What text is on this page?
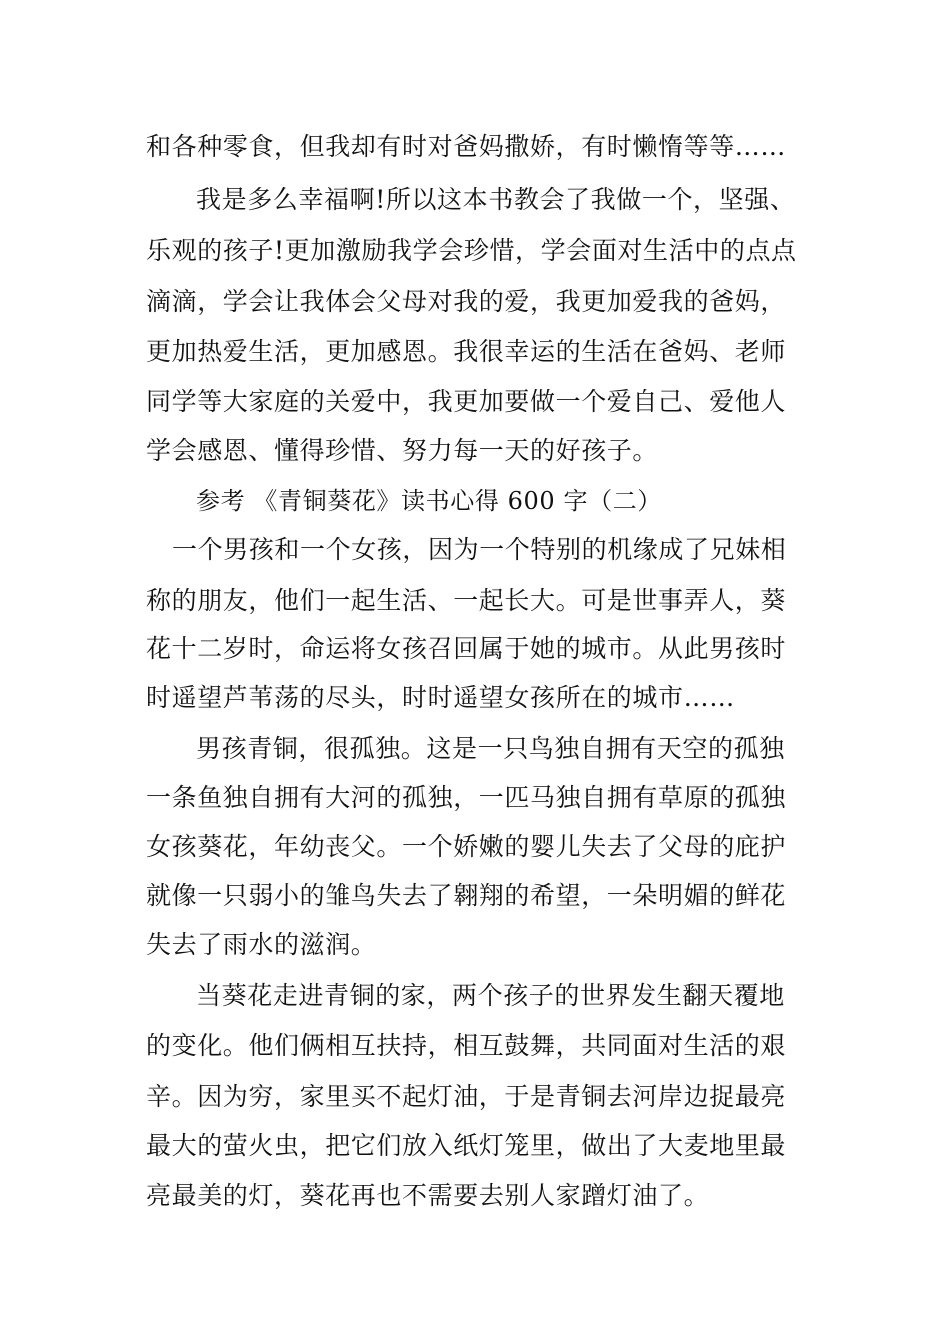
和各种零食，但我却有时对爸妈撒娇，有时懒惰等等……
我是多么幸福啊!所以这本书教会了我做一个，坚强、
乐观的孩子!更加激励我学会珍惜，学会面对生活中的点点
滴滴，学会让我体会父母对我的爱，我更加爱我的爸妈，
更加热爱生活，更加感恩。我很幸运的生活在爸妈、老师
同学等大家庭的关爱中，我更加要做一个爱自己、爱他人
学会感恩、懂得珍惜、努力每一天的好孩子。
参考 《青铜葵花》读书心得 600 字（二）
一个男孩和一个女孩，因为一个特别的机缘成了兄妹相
称的朋友，他们一起生活、一起长大。可是世事弄人，葵
花十二岁时，命运将女孩召回属于她的城市。从此男孩时
时遥望芦苇荡的尽头，时时遥望女孩所在的城市……
男孩青铜，很孤独。这是一只鸟独自拥有天空的孤独
一条鱼独自拥有大河的孤独，一匹马独自拥有草原的孤独
女孩葵花，年幼丧父。一个娇嫩的婴儿失去了父母的庇护
就像一只弱小的雏鸟失去了翱翔的希望，一朵明媚的鲜花
失去了雨水的滋润。
当葵花走进青铜的家，两个孩子的世界发生翻天覆地
的变化。他们俩相互扶持，相互鼓舞，共同面对生活的艰
辛。因为穷，家里买不起灯油，于是青铜去河岸边捉最亮
最大的萤火虫，把它们放入纸灯笼里，做出了大麦地里最
亮最美的灯，葵花再也不需要去别人家蹭灯油了。
